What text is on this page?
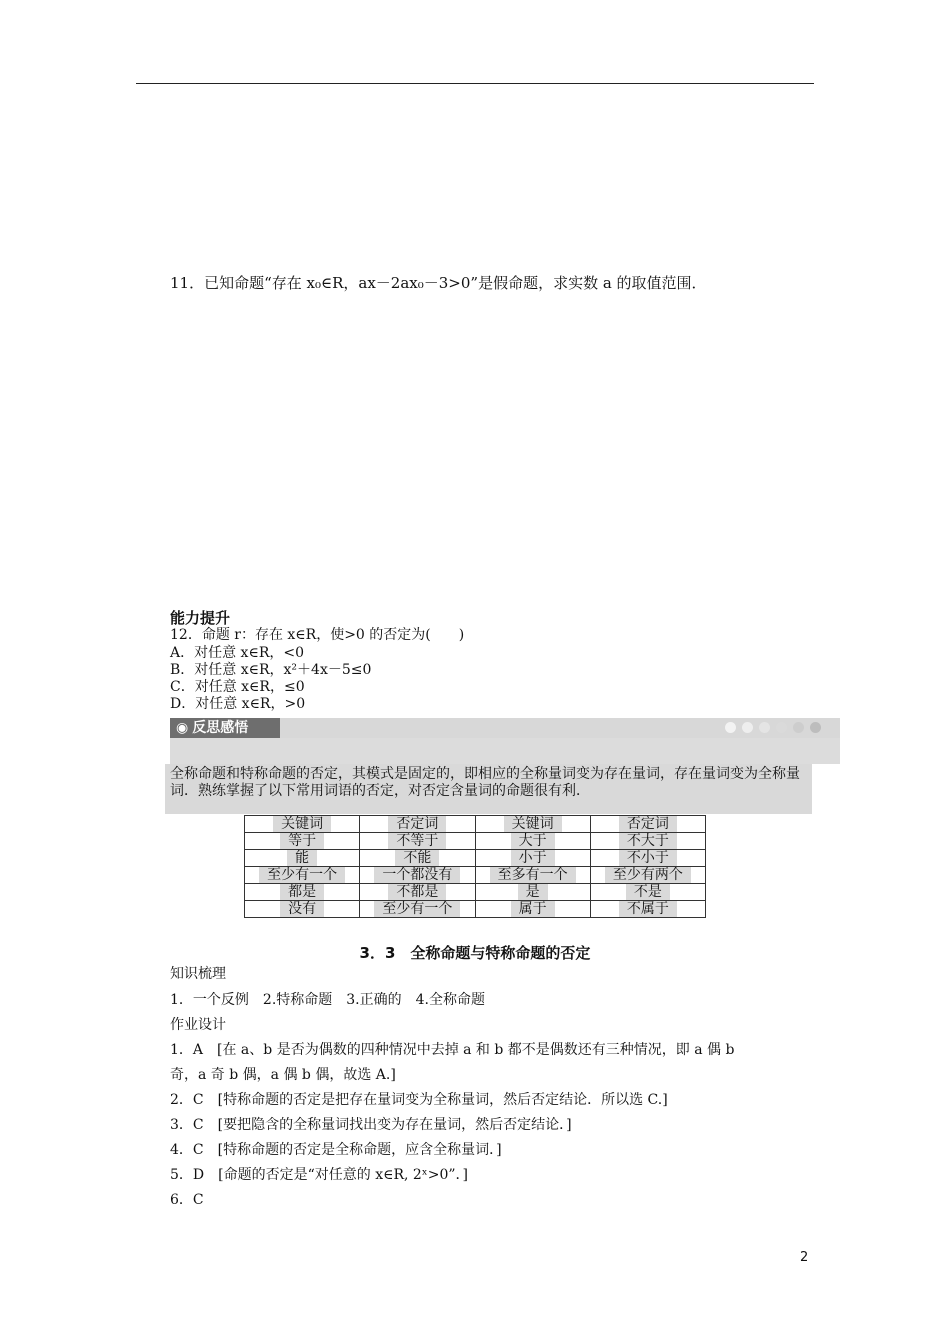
11．已知命题“存在 x₀∈R，ax－2ax₀－3>0”是假命题，求实数 a 的取值范围．
能力提升
12．命题 r：存在 x∈R，使>0 的否定为(　　)
A．对任意 x∈R，<0
B．对任意 x∈R，x²＋4x－5≤0
C．对任意 x∈R，≤0
D．对任意 x∈R，>0
◉ 反思感悟
全称命题和特称命题的否定，其模式是固定的，即相应的全称量词变为存在量词，存在量词变为全称量词．熟练掌握了以下常用词语的否定，对否定含量词的命题很有利．
关键词	否定词	关键词	否定词
等于	不等于	大于	不大于
能	不能	小于	不小于
至少有一个	一个都没有	至多有一个	至少有两个
都是	不都是	是	不是
没有	至少有一个	属于	不属于
3．3　全称命题与特称命题的否定
知识梳理
1．一个反例　2.特称命题　3.正确的　4.全称命题
作业设计
1．A　[在 a、b 是否为偶数的四种情况中去掉 a 和 b 都不是偶数还有三种情况，即 a 偶 b
奇，a 奇 b 偶，a 偶 b 偶，故选 A.]
2．C　[特称命题的否定是把存在量词变为全称量词，然后否定结论．所以选 C.]
3．C　[要把隐含的全称量词找出变为存在量词，然后否定结论．]
4．C　[特称命题的否定是全称命题，应含全称量词．]
5．D　[命题的否定是“对任意的 x∈R, 2ˣ>0”．]
6．C
2
